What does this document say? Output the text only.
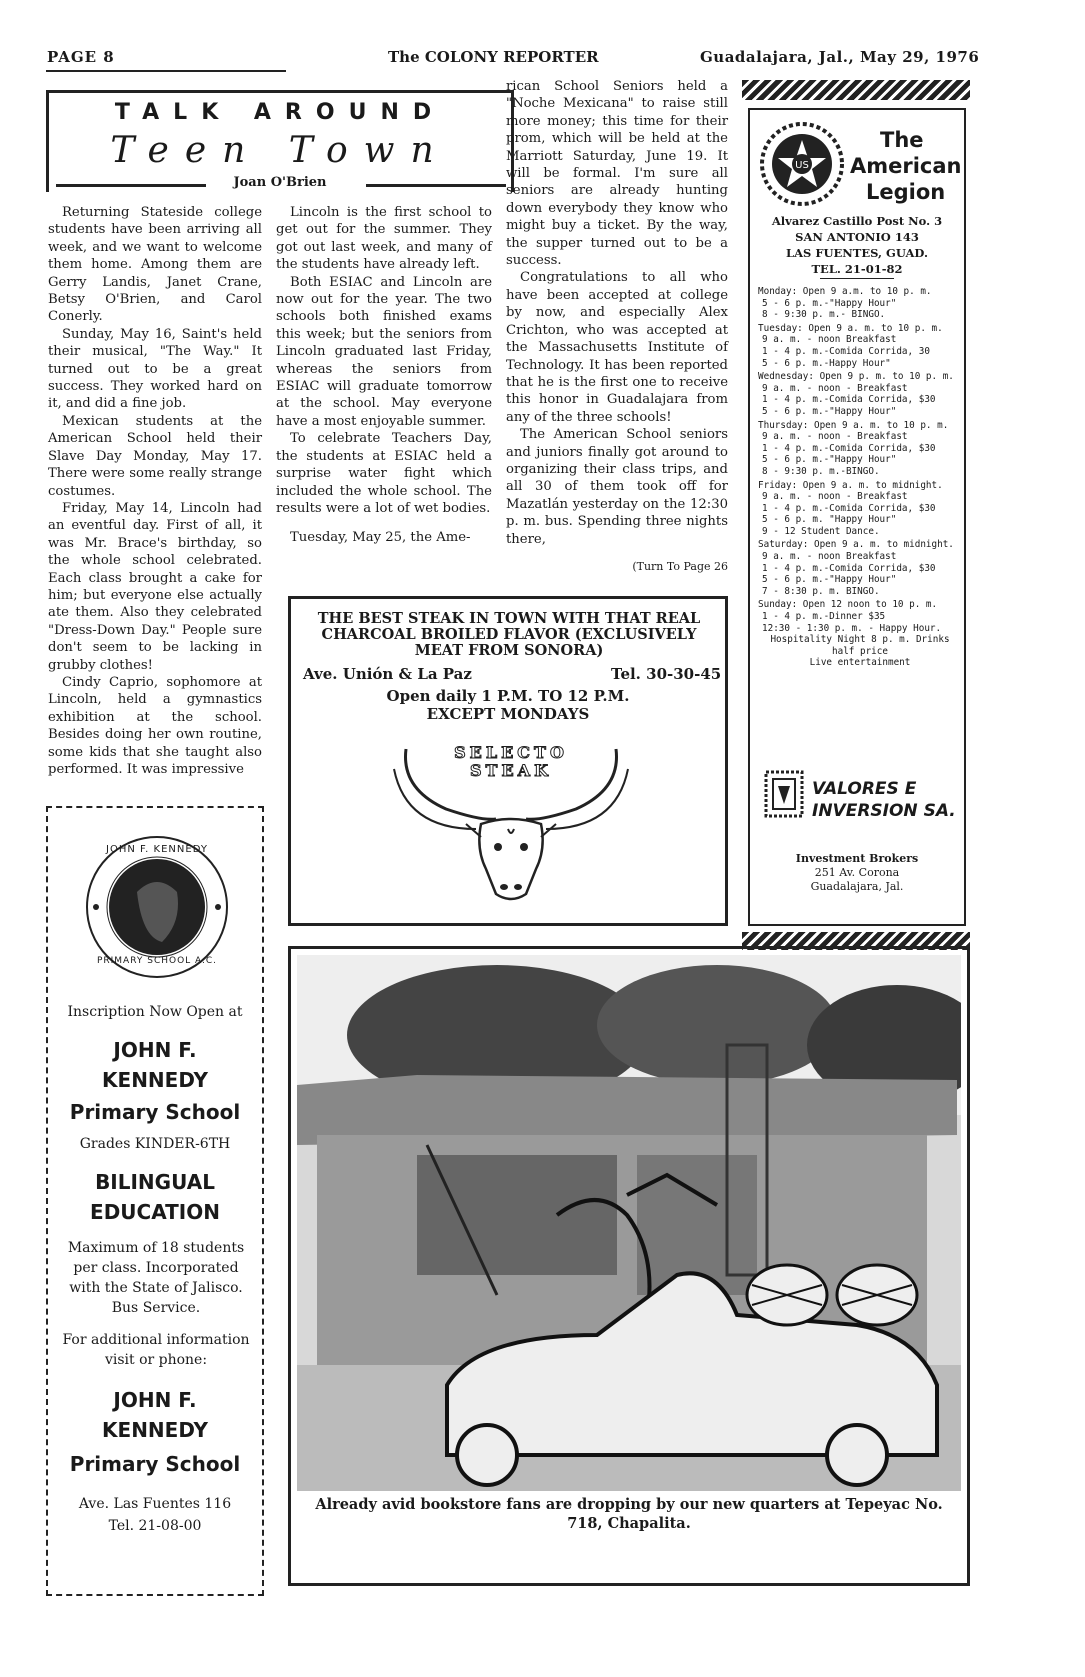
PAGE 8	The COLONY REPORTER	Guadalajara, Jal., May 29, 1976
TALK AROUND
Teen Town
Joan O'Brien

Returning Stateside college students have been arriving all week, and we want to welcome them home. Among them are Gerry Landis, Janet Crane, Betsy O'Brien, and Carol Conerly.

Sunday, May 16, Saint's held their musical, "The Way." It turned out to be a great success. They worked hard on it, and did a fine job.

Mexican students at the American School held their Slave Day Monday, May 17. There were some really strange costumes.

Friday, May 14, Lincoln had an eventful day. First of all, it was Mr. Brace's birthday, so the whole school celebrated. Each class brought a cake for him; but everyone else actually ate them. Also they celebrated "Dress-Down Day." People sure don't seem to be lacking in grubby clothes!

Cindy Caprio, sophomore at Lincoln, held a gymnastics exhibition at the school. Besides doing her own routine, some kids that she taught also performed. It was impressive

Lincoln is the first school to get out for the summer. They got out last week, and many of the students have already left.

Both ESIAC and Lincoln are now out for the year. The two schools both finished exams this week; but the seniors from Lincoln graduated last Friday, whereas the seniors from ESIAC will graduate tomorrow at the school. May everyone have a most enjoyable summer.

To celebrate Teachers Day, the students at ESIAC held a surprise water fight which included the whole school. The results were a lot of wet bodies.

Tuesday, May 25, the Ame-

rican School Seniors held a "Noche Mexicana" to raise still more money; this time for their prom, which will be held at the Marriott Saturday, June 19. It will be formal. I'm sure all seniors are already hunting down everybody they know who might buy a ticket. By the way, the supper turned out to be a success.

Congratulations to all who have been accepted at college by now, and especially Alex Crichton, who was accepted at the Massachusetts Institute of Technology. It has been reported that he is the first one to receive this honor in Guadalajara from any of the three schools!

The American School seniors and juniors finally got around to organizing their class trips, and all 30 of them took off for Mazatlán yesterday on the 12:30 p. m. bus. Spending three nights there,

(Turn To Page 26
THE BEST STEAK IN TOWN WITH THAT REAL CHARCOAL BROILED FLAVOR (EXCLUSIVELY MEAT FROM SONORA)
Ave. Unión & La Paz	Tel. 30-30-45
Open daily 1 P.M. TO 12 P.M.
EXCEPT MONDAYS
SELECTO STEAK
US
The
American
Legion
Alvarez Castillo Post No. 3
SAN ANTONIO 143
LAS FUENTES, GUAD.
TEL. 21-01-82
Monday: Open 9 a.m. to 10 p. m.
5 - 6 p. m.-"Happy Hour"
8 - 9:30 p. m.- BINGO.
Tuesday: Open 9 a. m. to 10 p. m.
9 a. m. - noon Breakfast
1 - 4 p. m.-Comida Corrida, 30
5 - 6 p. m.-Happy Hour"
Wednesday: Open 9 p. m. to 10 p. m.
9 a. m. - noon - Breakfast
1 - 4 p. m.-Comida Corrida, $30
5 - 6 p. m.-"Happy Hour"
Thursday: Open 9 a. m. to 10 p. m.
9 a. m. - noon - Breakfast
1 - 4 p. m.-Comida Corrida, $30
5 - 6 p. m.-"Happy Hour"
8 - 9:30 p. m.-BINGO.
Friday: Open 9 a. m. to midnight.
9 a. m. - noon - Breakfast
1 - 4 p. m.-Comida Corrida, $30
5 - 6 p. m. "Happy Hour"
9 - 12 Student Dance.
Saturday: Open 9 a. m. to midnight.
9 a. m. - noon Breakfast
1 - 4 p. m.-Comida Corrida, $30
5 - 6 p. m.-"Happy Hour"
7 - 8:30 p. m. BINGO.
Sunday: Open 12 noon to 10 p. m.
1 - 4 p. m.-Dinner $35
12:30 - 1:30 p. m. - Happy Hour.
Hospitality Night 8 p. m. Drinks half price
Live entertainment
VALORES E INVERSION SA.
Investment Brokers
251 Av. Corona
Guadalajara, Jal.
JOHN F. KENNEDY
PRIMARY SCHOOL A.C.
Inscription Now Open at
JOHN F.
KENNEDY
Primary School
Grades KINDER-6TH
BILINGUAL
EDUCATION
Maximum of 18 students per class. Incorporated with the State of Jalisco. Bus Service.
For additional information visit or phone:
JOHN F.
KENNEDY
Primary School
Ave. Las Fuentes 116
Tel. 21-08-00
Already avid bookstore fans are dropping by our new quarters at Tepeyac No. 718, Chapalita.
